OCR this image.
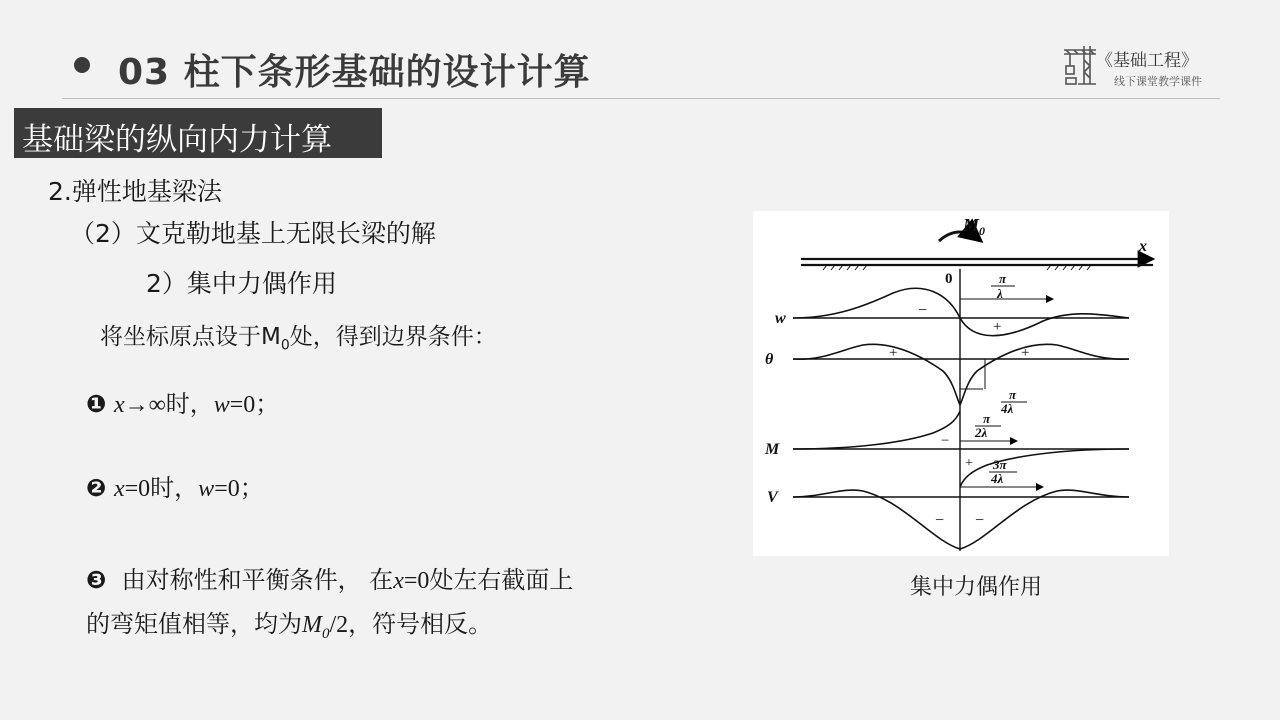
03 柱下条形基础的设计计算	《基础工程》
线下课堂教学课件
基础梁的纵向内力计算
2.弹性地基梁法
（2）文克勒地基上无限长梁的解
2）集中力偶作用
将坐标原点设于$M_0$处，得到边界条件：
❶ x→∞时，w=0；
❷ x=0时，w=0；
❸ 由对称性和平衡条件， 在x=0处左右截面上
的弯矩值相等，均为$M_0/2$，符号相反。
$M_0$
x
0
w
θ
M
V
−
+
+	+
−
+
− −
π
λ
π
4λ
π
2λ
3π
4λ
集中力偶作用
